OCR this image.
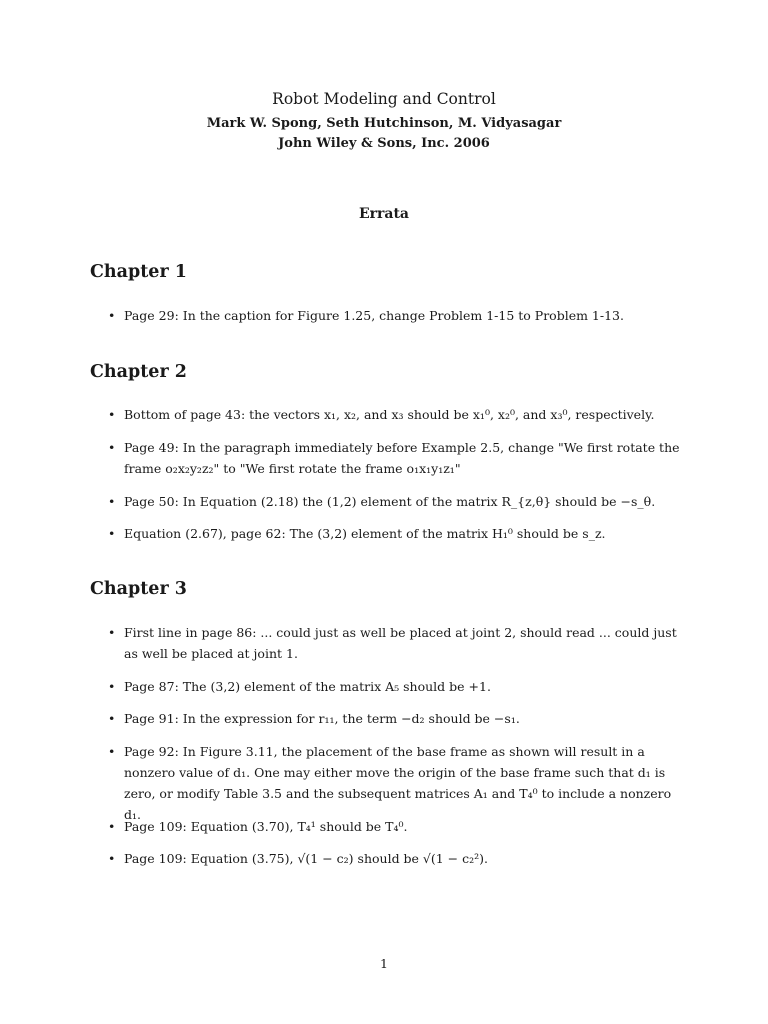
Robot Modeling and Control
Mark W. Spong, Seth Hutchinson, M. Vidyasagar
John Wiley & Sons, Inc. 2006
Errata
Chapter 1
• Page 29: In the caption for Figure 1.25, change Problem 1-15 to Problem 1-13.
Chapter 2
• Bottom of page 43: the vectors x₁, x₂, and x₃ should be x₁⁰, x₂⁰, and x₃⁰, respectively.
• Page 49: In the paragraph immediately before Example 2.5, change "We first rotate the frame o₂x₂y₂z₂" to "We first rotate the frame o₁x₁y₁z₁"
• Page 50: In Equation (2.18) the (1,2) element of the matrix R_{z,θ} should be −s_θ.
• Equation (2.67), page 62: The (3,2) element of the matrix H₁⁰ should be s_z.
Chapter 3
• First line in page 86: ... could just as well be placed at joint 2, should read ... could just as well be placed at joint 1.
• Page 87: The (3,2) element of the matrix A₅ should be +1.
• Page 91: In the expression for r₁₁, the term −d₂ should be −s₁.
• Page 92: In Figure 3.11, the placement of the base frame as shown will result in a nonzero value of d₁. One may either move the origin of the base frame such that d₁ is zero, or modify Table 3.5 and the subsequent matrices A₁ and T₄⁰ to include a nonzero d₁.
• Page 109: Equation (3.70), T₄¹ should be T₄⁰.
• Page 109: Equation (3.75), √(1 − c₂) should be √(1 − c₂²).
1
